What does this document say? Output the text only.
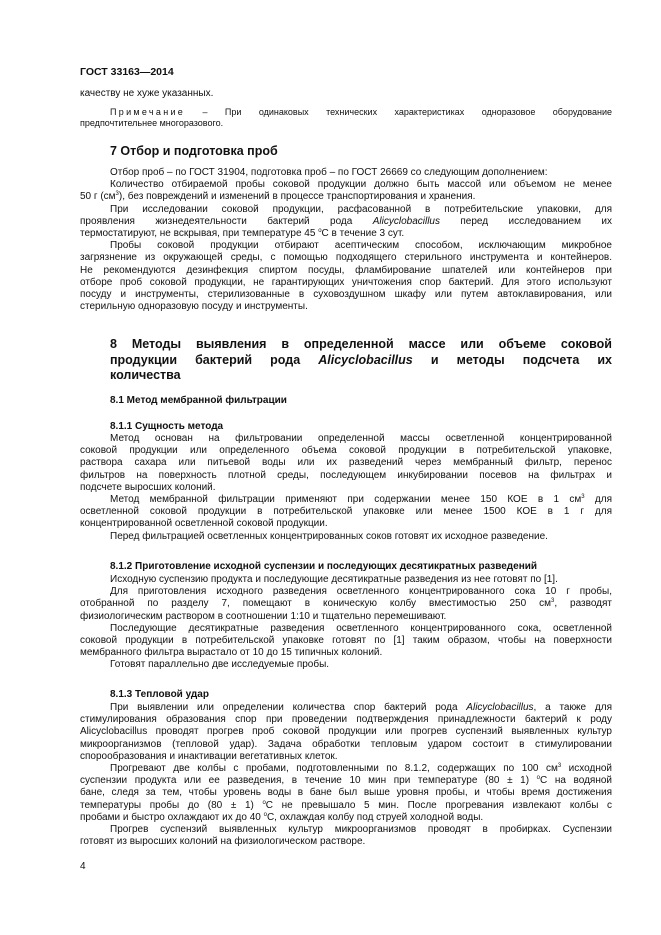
ГОСТ 33163—2014

качеству не хуже указанных.

Примечание – При одинаковых технических характеристиках одноразовое оборудование
предпочтительнее многоразового.
7 Отбор и подготовка проб
Отбор проб – по ГОСТ 31904, подготовка проб – по ГОСТ 26669 со следующим дополнением:
Количество отбираемой пробы соковой продукции должно быть массой или объемом не менее
50 г $(см^3)$, без повреждений и изменений в процессе транспортирования и хранения.
При исследовании соковой продукции, расфасованной в потребительские упаковки, для
проявления жизнедеятельности бактерий рода Alicyclobacillus перед исследованием их
термостатируют, не вскрывая, при температуре 45 $^o$С в течение 3 сут.
Пробы соковой продукции отбирают асептическим способом, исключающим микробное
загрязнение из окружающей среды, с помощью подходящего стерильного инструмента и контейнеров.
Не рекомендуются дезинфекция спиртом посуды, фламбирование шпателей или контейнеров при
отборе проб соковой продукции, не гарантирующих уничтожения спор бактерий. Для этого используют
посуду и инструменты, стерилизованные в суховоздушном шкафу или путем автоклавирования, или
стерильную одноразовую посуду и инструменты.
8 Методы выявления в определенной массе или объеме соковой
продукции бактерий рода Alicyclobacillus и методы подсчета их
количества
8.1 Метод мембранной фильтрации
8.1.1 Сущность метода
Метод основан на фильтровании определенной массы осветленной концентрированной
соковой продукции или определенного объема соковой продукции в потребительской упаковке,
раствора сахара или питьевой воды или их разведений через мембранный фильтр, перенос
фильтров на поверхность плотной среды, последующем инкубировании посевов на фильтрах и
подсчете выросших колоний.
Метод мембранной фильтрации применяют при содержании менее 150 КОЕ в 1 $см^3$ для
осветленной соковой продукции в потребительской упаковке или менее 1500 КОЕ в 1 г для
концентрированной осветленной соковой продукции.
Перед фильтрацией осветленных концентрированных соков готовят их исходное разведение.
8.1.2 Приготовление исходной суспензии и последующих десятикратных разведений
Исходную суспензию продукта и последующие десятикратные разведения из нее готовят по [1].
Для приготовления исходного разведения осветленного концентрированного сока 10 г пробы,
отобранной по разделу 7, помещают в коническую колбу вместимостью 250 $см^3$, разводят
физиологическим раствором в соотношении 1:10 и тщательно перемешивают.
Последующие десятикратные разведения осветленного концентрированного сока, осветленной
соковой продукции в потребительской упаковке готовят по [1] таким образом, чтобы на поверхности
мембранного фильтра вырастало от 10 до 15 типичных колоний.
Готовят параллельно две исследуемые пробы.
8.1.3 Тепловой удар
При выявлении или определении количества спор бактерий рода Alicyclobacillus, а также для
стимулирования образования спор при проведении подтверждения принадлежности бактерий к роду
Alicyclobacillus проводят прогрев проб соковой продукции или прогрев суспензий выявленных культур
микроорганизмов (тепловой удар). Задача обработки тепловым ударом состоит в стимулировании
спорообразования и инактивации вегетативных клеток.
Прогревают две колбы с пробами, подготовленными по 8.1.2, содержащих по 100 $см^3$ исходной
суспензии продукта или ее разведения, в течение 10 мин при температуре (80 ± 1) $^o$С на водяной
бане, следя за тем, чтобы уровень воды в бане был выше уровня пробы, и чтобы время достижения
температуры пробы до (80 ± 1) $^o$С не превышало 5 мин. После прогревания извлекают колбы с
пробами и быстро охлаждают их до 40 $^o$С, охлаждая колбу под струей холодной воды.
Прогрев суспензий выявленных культур микроорганизмов проводят в пробирках. Суспензии
готовят из выросших колоний на физиологическом растворе.
4
